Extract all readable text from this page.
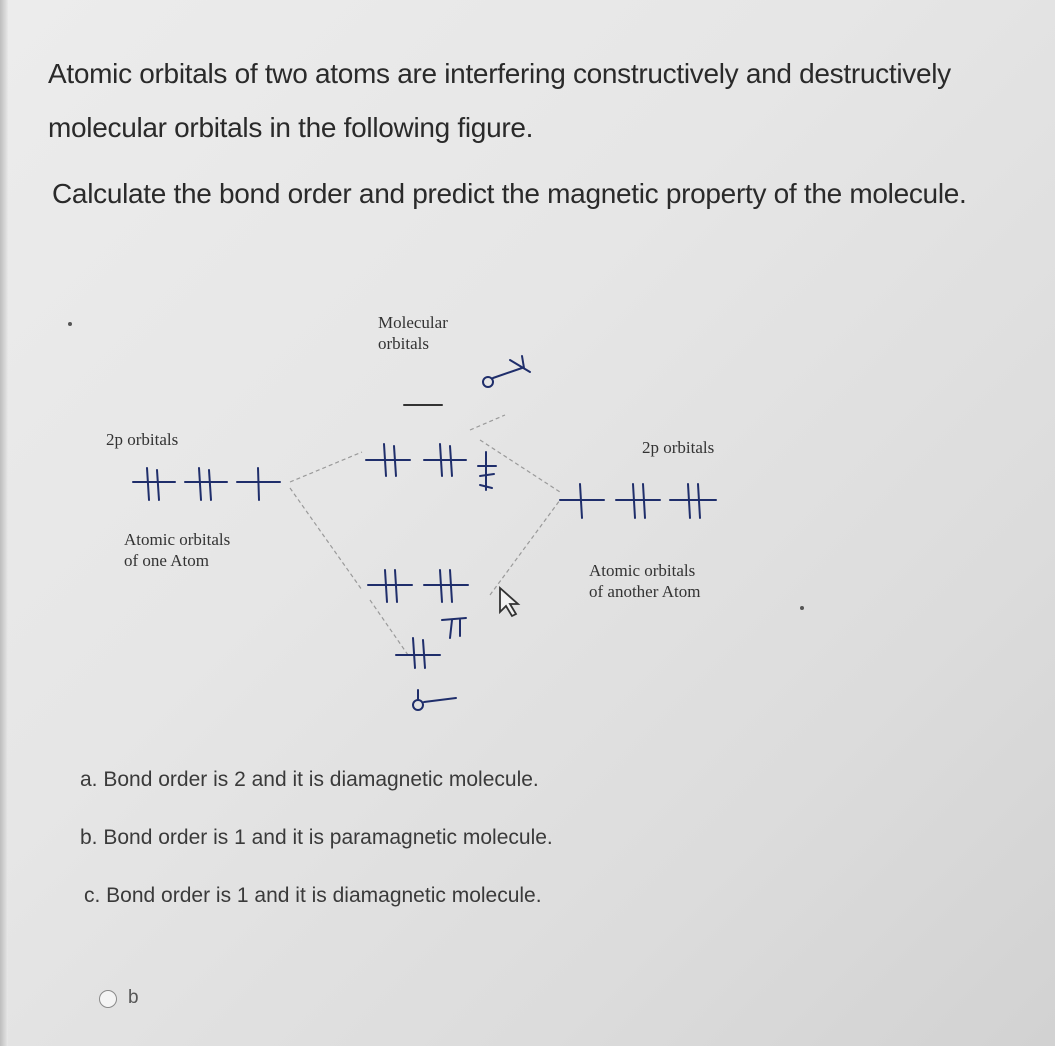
Atomic orbitals of two atoms are interfering constructively and destructively
molecular orbitals in the following figure.
Calculate the bond order and predict the magnetic property of the molecule.
Molecular
orbitals
2p orbitals	2p orbitals
Atomic orbitals
of one Atom
Atomic orbitals
of another Atom
a. Bond order is 2 and it is diamagnetic molecule.
b. Bond order is 1 and it is paramagnetic molecule.
c. Bond order is 1 and it is diamagnetic molecule.
b
